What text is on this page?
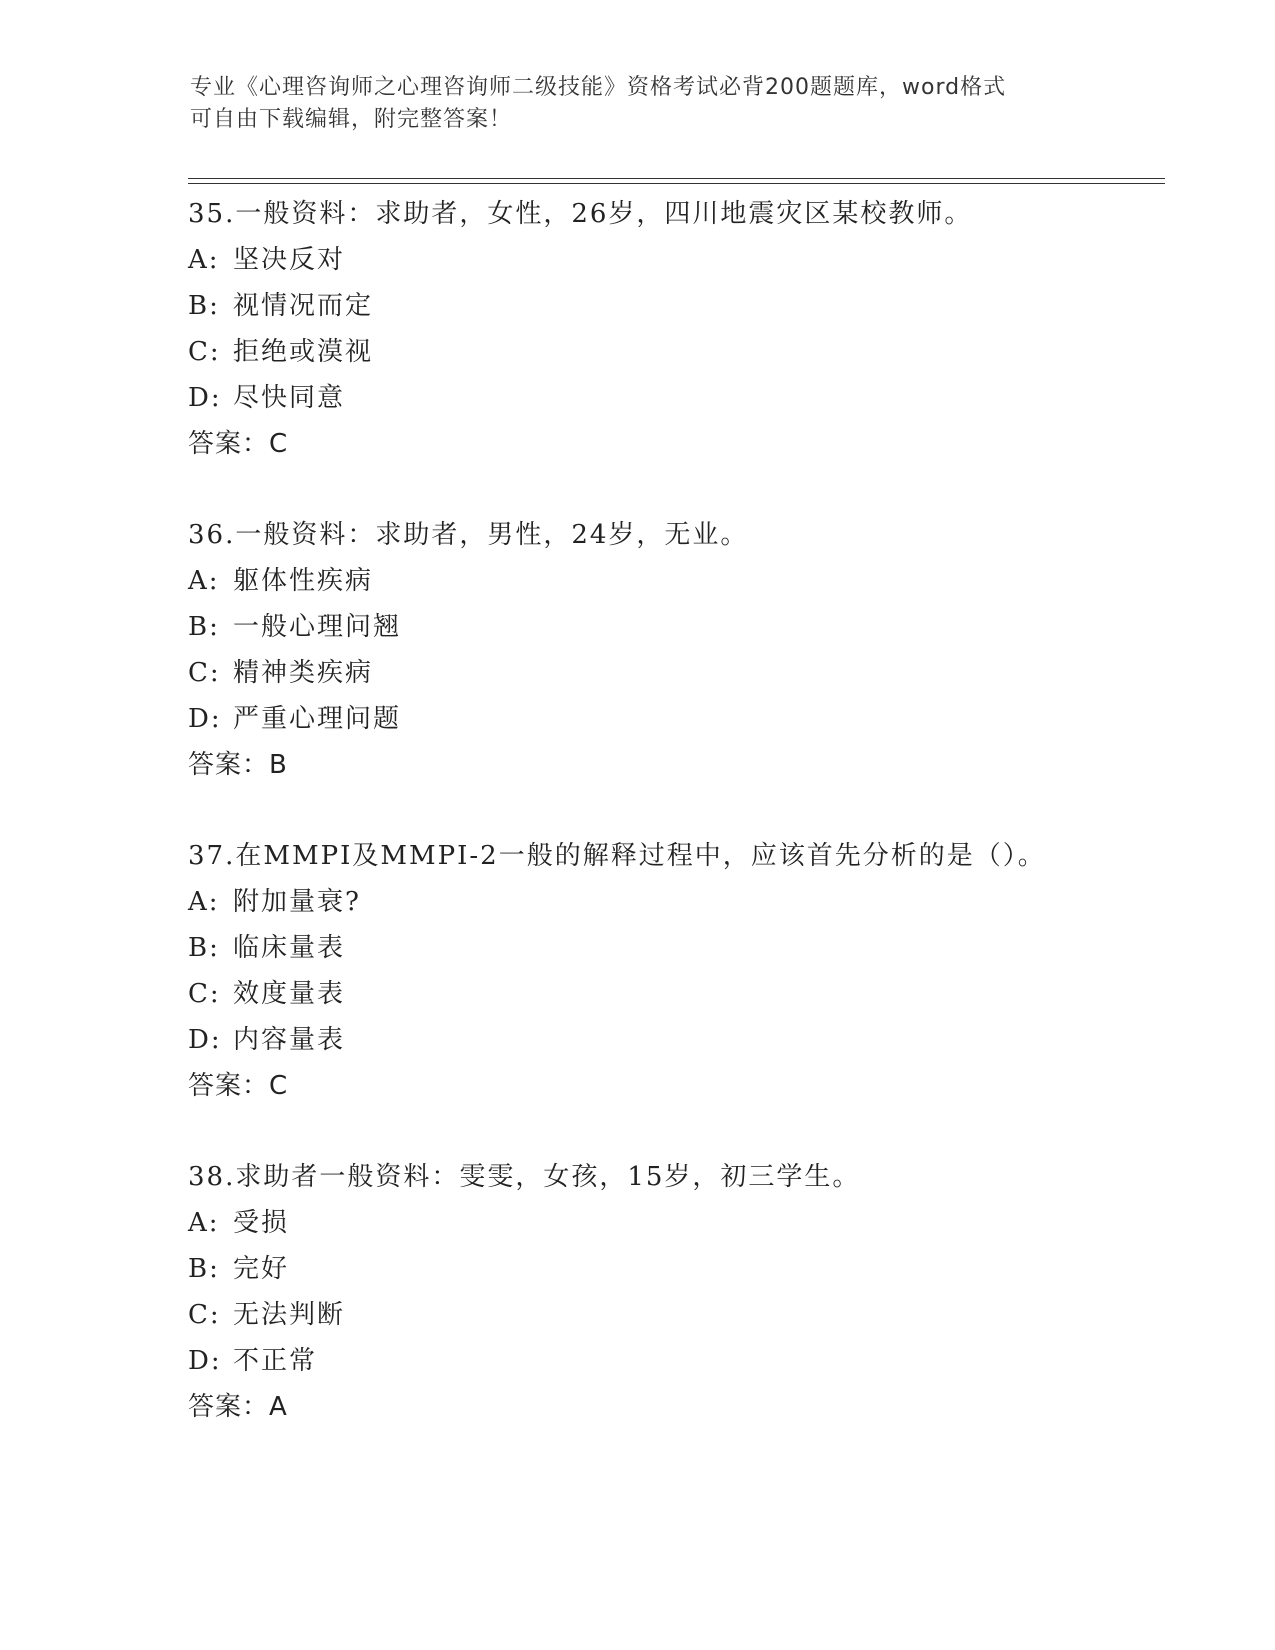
专业《心理咨询师之心理咨询师二级技能》资格考试必背200题题库，word格式
可自由下载编辑，附完整答案！
35.一般资料：求助者，女性，26岁，四川地震灾区某校教师。
A: 坚决反对
B: 视情况而定
C: 拒绝或漠视
D: 尽快同意
答案：C
36.一般资料：求助者，男性，24岁，无业。
A: 躯体性疾病
B: 一般心理问翘
C: 精神类疾病
D: 严重心理问题
答案：B
37.在MMPI及MMPI-2一般的解释过程中，应该首先分析的是（）。
A: 附加量衰?
B: 临床量表
C: 效度量表
D: 内容量表
答案：C
38.求助者一般资料：雯雯，女孩，15岁，初三学生。
A: 受损
B: 完好
C: 无法判断
D: 不正常
答案：A
